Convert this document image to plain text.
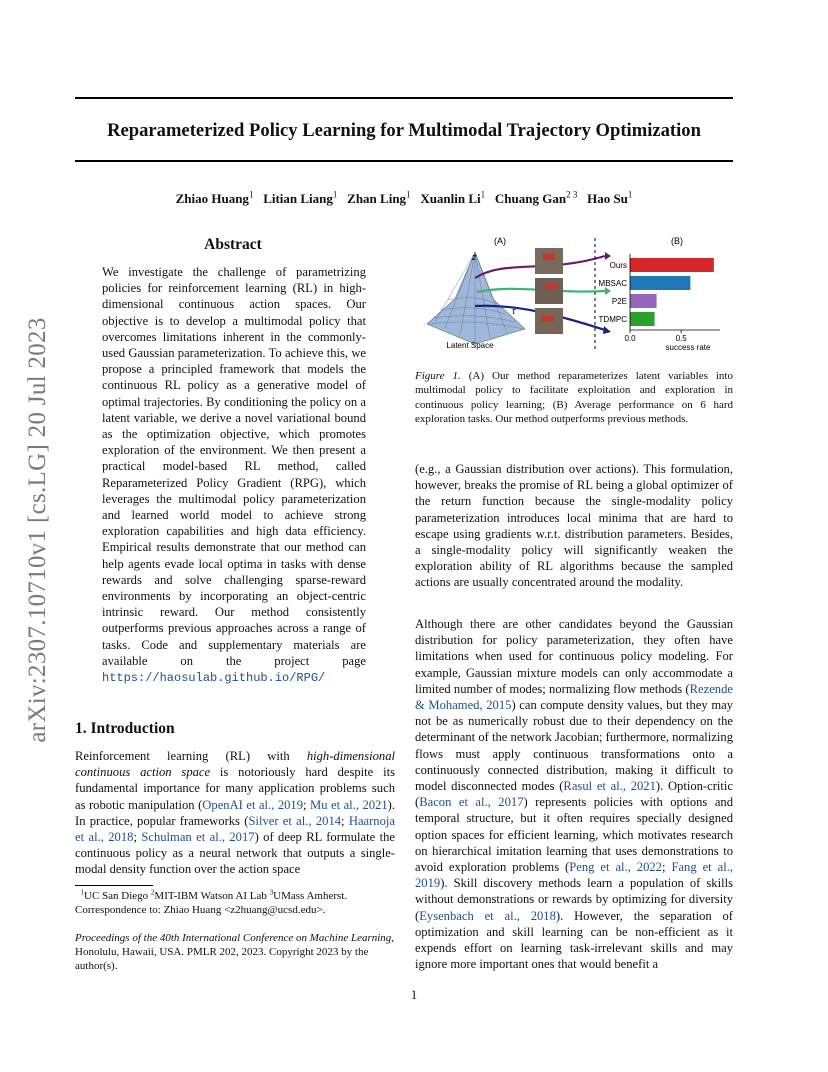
Reparameterized Policy Learning for Multimodal Trajectory Optimization
Zhiao Huang$^1$ Litian Liang$^1$ Zhan Ling$^1$ Xuanlin Li$^1$ Chuang Gan$^{2 3}$ Hao Su$^1$
arXiv:2307.10710v1 [cs.LG] 20 Jul 2023
Abstract
We investigate the challenge of parametrizing policies for reinforcement learning (RL) in high-dimensional continuous action spaces. Our objective is to develop a multimodal policy that overcomes limitations inherent in the commonly-used Gaussian parameterization. To achieve this, we propose a principled framework that models the continuous RL policy as a generative model of optimal trajectories. By conditioning the policy on a latent variable, we derive a novel variational bound as the optimization objective, which promotes exploration of the environment. We then present a practical model-based RL method, called Reparameterized Policy Gradient (RPG), which leverages the multimodal policy parameterization and learned world model to achieve strong exploration capabilities and high data efficiency. Empirical results demonstrate that our method can help agents evade local optima in tasks with dense rewards and solve challenging sparse-reward environments by incorporating an object-centric intrinsic reward. Our method consistently outperforms previous approaches across a range of tasks. Code and supplementary materials are available on the project page https://haosulab.github.io/RPG/
1. Introduction
Reinforcement learning (RL) with high-dimensional continuous action space is notoriously hard despite its fundamental importance for many application problems such as robotic manipulation (OpenAI et al., 2019; Mu et al., 2021). In practice, popular frameworks (Silver et al., 2014; Haarnoja et al., 2018; Schulman et al., 2017) of deep RL formulate the continuous policy as a neural network that outputs a single-modal density function over the action space
$^1$UC San Diego $^2$MIT-IBM Watson AI Lab $^3$UMass Amherst.
Correspondence to: Zhiao Huang <z2huang@ucsd.edu>.
Proceedings of the 40th International Conference on Machine Learning, Honolulu, Hawaii, USA. PMLR 202, 2023. Copyright 2023 by the author(s).
(A)	(B)
z
τ
Latent Space
Ours
MBSAC
P2E
TDMPC
0.0	0.5
success rate
Figure 1. (A) Our method reparameterizes latent variables into multimodal policy to facilitate exploitation and exploration in continuous policy learning; (B) Average performance on 6 hard exploration tasks. Our method outperforms previous methods.
(e.g., a Gaussian distribution over actions). This formulation, however, breaks the promise of RL being a global optimizer of the return function because the single-modality policy parameterization introduces local minima that are hard to escape using gradients w.r.t. distribution parameters. Besides, a single-modality policy will significantly weaken the exploration ability of RL algorithms because the sampled actions are usually concentrated around the modality.
Although there are other candidates beyond the Gaussian distribution for policy parameterization, they often have limitations when used for continuous policy modeling. For example, Gaussian mixture models can only accommodate a limited number of modes; normalizing flow methods (Rezende & Mohamed, 2015) can compute density values, but they may not be as numerically robust due to their dependency on the determinant of the network Jacobian; furthermore, normalizing flows must apply continuous transformations onto a continuously connected distribution, making it difficult to model disconnected modes (Rasul et al., 2021). Option-critic (Bacon et al., 2017) represents policies with options and temporal structure, but it often requires specially designed option spaces for efficient learning, which motivates research on hierarchical imitation learning that uses demonstrations to avoid exploration problems (Peng et al., 2022; Fang et al., 2019). Skill discovery methods learn a population of skills without demonstrations or rewards by optimizing for diversity (Eysenbach et al., 2018). However, the separation of optimization and skill learning can be non-efficient as it expends effort on learning task-irrelevant skills and may ignore more important ones that would benefit a
1
